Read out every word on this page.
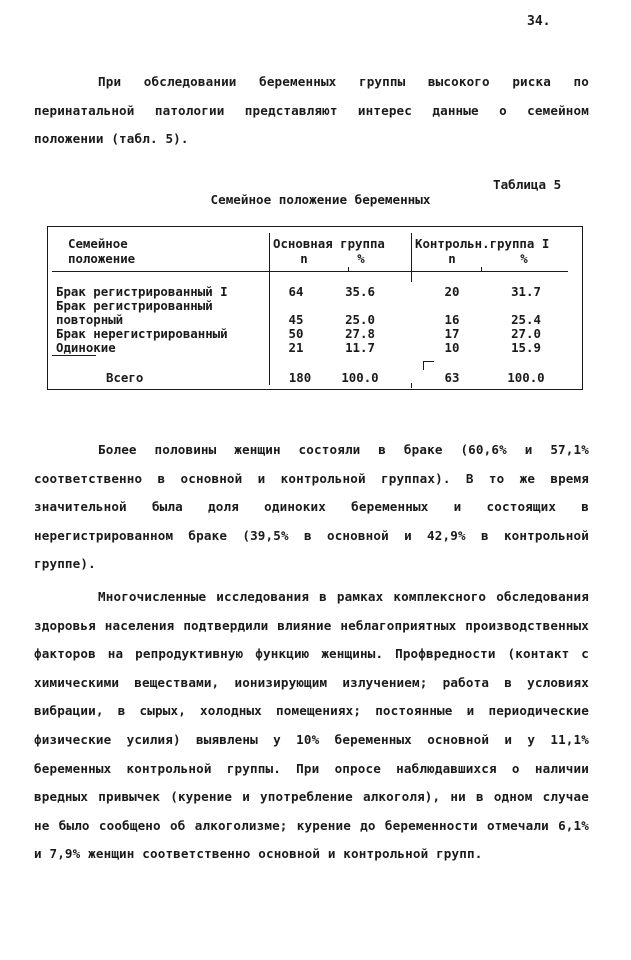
34.

При обследовании беременных группы высокого риска по перинатальной патологии представляют интерес данные о семейном положении (табл. 5).

Таблица 5
Семейное положение беременных
Семейное
положение
Основная группа Контрольн.группа I
n	%	n	%
Брак регистрированный I	64	35.6	20	31.7
Брак регистрированный
повторный	45	25.0	16	25.4
Брак нерегистрированный	50	27.8	17	27.0
Одинокие	21	11.7	10	15.9
Всего	180	100.0	63	100.0

Более половины женщин состояли в браке (60,6% и 57,1% соответственно в основной и контрольной группах). В то же время значительной была доля одиноких беременных и состоящих в нерегистрированном браке (39,5% в основной и 42,9% в контрольной группе).

Многочисленные исследования в рамках комплексного обследования здоровья населения подтвердили влияние неблагоприятных производственных факторов на репродуктивную функцию женщины. Профвредности (контакт с химическими веществами, ионизирующим излучением; работа в условиях вибрации, в сырых, холодных помещениях; постоянные и периодические физические усилия) выявлены у 10% беременных основной и у 11,1% беременных контрольной группы. При опросе наблюдавшихся о наличии вредных привычек (курение и употребление алкоголя), ни в одном случае не было сообщено об алкоголизме; курение до беременности отмечали 6,1% и 7,9% женщин соответственно основной и контрольной групп.
